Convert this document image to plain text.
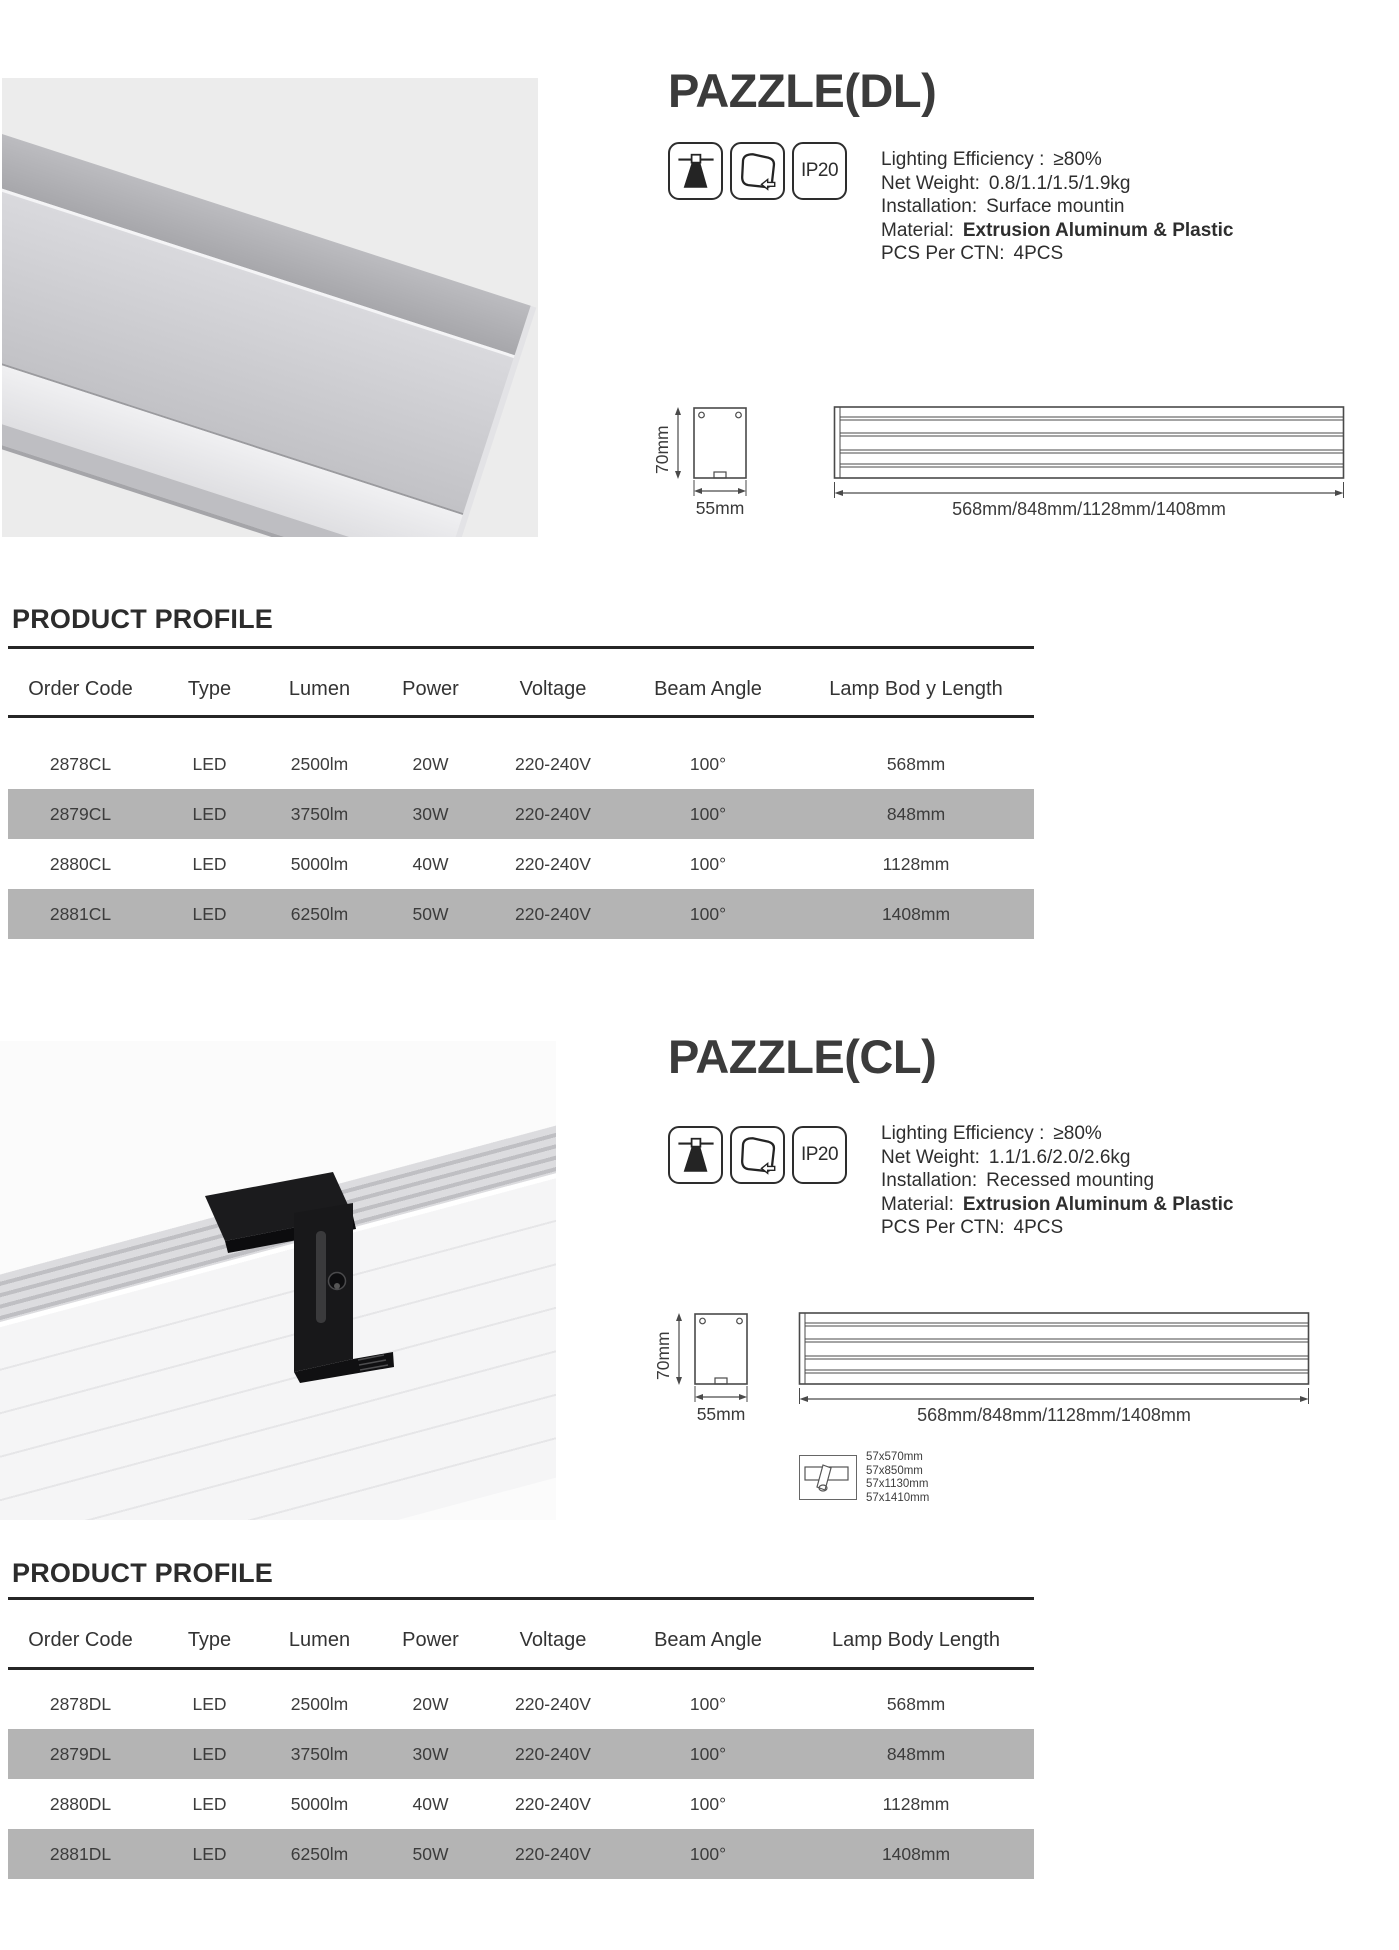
PAZZLE(DL)
IP20
Lighting Efficiency : ≥80%
Net Weight: 0.8/1.1/1.5/1.9kg
Installation: Surface mountin
Material: Extrusion Aluminum & Plastic
PCS Per CTN: 4PCS
70mm
55mm	568mm/848mm/1128mm/1408mm
PRODUCT PROFILE
Order Code	Type	Lumen	Power	Voltage	Beam Angle	Lamp Bod y Length
2878CL	LED	2500lm	20W	220-240V	100°	568mm
2879CL	LED	3750lm	30W	220-240V	100°	848mm
2880CL	LED	5000lm	40W	220-240V	100°	1128mm
2881CL	LED	6250lm	50W	220-240V	100°	1408mm
PAZZLE(CL)
IP20
Lighting Efficiency : ≥80%
Net Weight: 1.1/1.6/2.0/2.6kg
Installation: Recessed mounting
Material: Extrusion Aluminum & Plastic
PCS Per CTN: 4PCS
70mm
55mm	568mm/848mm/1128mm/1408mm
57x570mm
57x850mm
57x1130mm
57x1410mm
PRODUCT PROFILE
Order Code	Type	Lumen	Power	Voltage	Beam Angle	Lamp Body Length
2878DL	LED	2500lm	20W	220-240V	100°	568mm
2879DL	LED	3750lm	30W	220-240V	100°	848mm
2880DL	LED	5000lm	40W	220-240V	100°	1128mm
2881DL	LED	6250lm	50W	220-240V	100°	1408mm
